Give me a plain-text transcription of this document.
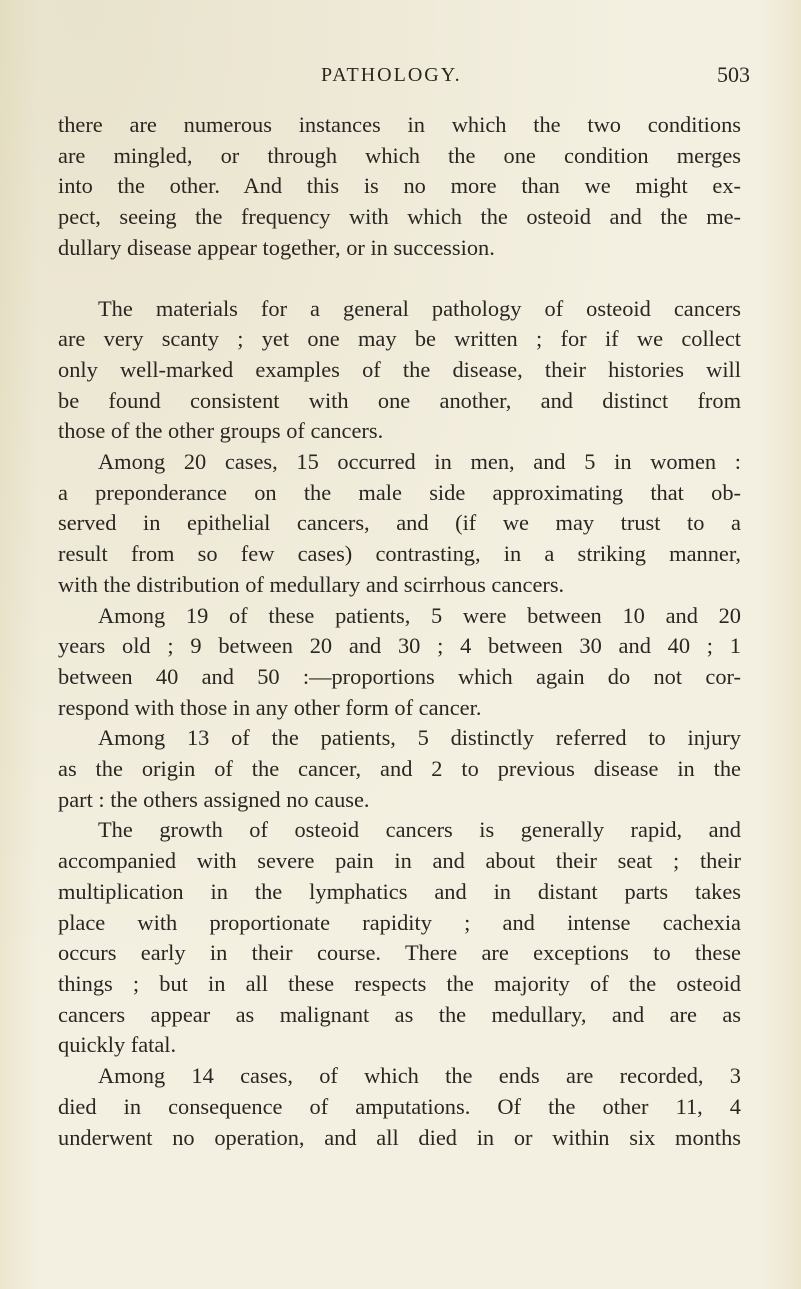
PATHOLOGY.	503

there are numerous instances in which the two conditions
are mingled, or through which the one condition merges
into the other. And this is no more than we might ex-
pect, seeing the frequency with which the osteoid and the me-
dullary disease appear together, or in succession.

The materials for a general pathology of osteoid cancers
are very scanty ; yet one may be written ; for if we collect
only well-marked examples of the disease, their histories will
be found consistent with one another, and distinct from
those of the other groups of cancers.

Among 20 cases, 15 occurred in men, and 5 in women :
a preponderance on the male side approximating that ob-
served in epithelial cancers, and (if we may trust to a
result from so few cases) contrasting, in a striking manner,
with the distribution of medullary and scirrhous cancers.

Among 19 of these patients, 5 were between 10 and 20
years old ; 9 between 20 and 30 ; 4 between 30 and 40 ; 1
between 40 and 50 :—proportions which again do not cor-
respond with those in any other form of cancer.

Among 13 of the patients, 5 distinctly referred to injury
as the origin of the cancer, and 2 to previous disease in the
part : the others assigned no cause.

The growth of osteoid cancers is generally rapid, and
accompanied with severe pain in and about their seat ; their
multiplication in the lymphatics and in distant parts takes
place with proportionate rapidity ; and intense cachexia
occurs early in their course. There are exceptions to these
things ; but in all these respects the majority of the osteoid
cancers appear as malignant as the medullary, and are as
quickly fatal.

Among 14 cases, of which the ends are recorded, 3
died in consequence of amputations. Of the other 11, 4
underwent no operation, and all died in or within six months
